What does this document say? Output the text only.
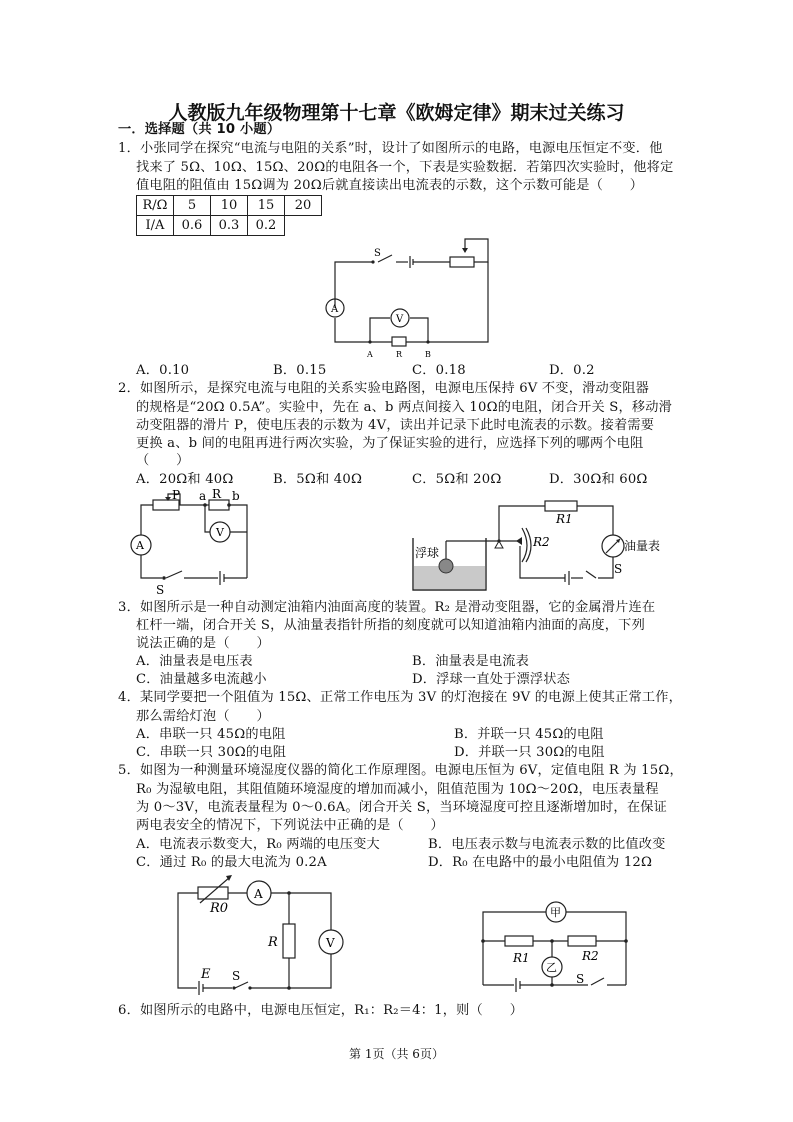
人教版九年级物理第十七章《欧姆定律》期末过关练习
一．选择题（共 10 小题）
1．小张同学在探究“电流与电阻的关系”时，设计了如图所示的电路，电源电压恒定不变．他
找来了 5Ω、10Ω、15Ω、20Ω的电阻各一个，下表是实验数据．若第四次实验时，他将定
值电阻的阻值由 15Ω调为 20Ω后就直接读出电流表的示数，这个示数可能是（　　）
R/Ω	5	10	15	20
I/A	0.6	0.3	0.2	
S
A
V
A	R	B
A．0.10	B．0.15	C．0.18	D．0.2
2．如图所示，是探究电流与电阻的关系实验电路图，电源电压保持 6V 不变，滑动变阻器
的规格是“20Ω 0.5A”。实验中，先在 a、b 两点间接入 10Ω的电阻，闭合开关 S，移动滑
动变阻器的滑片 P，使电压表的示数为 4V，读出并记录下此时电流表的示数。接着需要
更换 a、b 间的电阻再进行两次实验，为了保证实验的进行，应选择下列的哪两个电阻
（　　）
A．20Ω和 40Ω	B．5Ω和 40Ω	C．5Ω和 20Ω	D．30Ω和 60Ω
P a R b
V
A
S
R1
R2
浮球	油量表
S
3．如图所示是一种自动测定油箱内油面高度的装置。R₂ 是滑动变阻器，它的金属滑片连在
杠杆一端，闭合开关 S，从油量表指针所指的刻度就可以知道油箱内油面的高度，下列
说法正确的是（　　）
A．油量表是电压表	B．油量表是电流表
C．油量越多电流越小	D．浮球一直处于漂浮状态
4．某同学要把一个阻值为 15Ω、正常工作电压为 3V 的灯泡接在 9V 的电源上使其正常工作，
那么需给灯泡（　　）
A．串联一只 45Ω的电阻	B．并联一只 45Ω的电阻
C．串联一只 30Ω的电阻	D．并联一只 30Ω的电阻
5．如图为一种测量环境湿度仪器的简化工作原理图。电源电压恒为 6V，定值电阻 R 为 15Ω，
R₀ 为湿敏电阻，其阻值随环境湿度的增加而减小，阻值范围为 10Ω～20Ω，电压表量程
为 0～3V，电流表量程为 0～0.6A。闭合开关 S，当环境湿度可控且逐渐增加时，在保证
两电表安全的情况下，下列说法中正确的是（　　）
A．电流表示数变大，R₀ 两端的电压变大	B．电压表示数与电流表示数的比值改变
C．通过 R₀ 的最大电流为 0.2A	D．R₀ 在电路中的最小电阻值为 12Ω
A
R0
R	V
E S
甲
乙
R1	R2
S
6．如图所示的电路中，电源电压恒定，R₁：R₂＝4：1，则（　　）
第 1页（共 6页）
